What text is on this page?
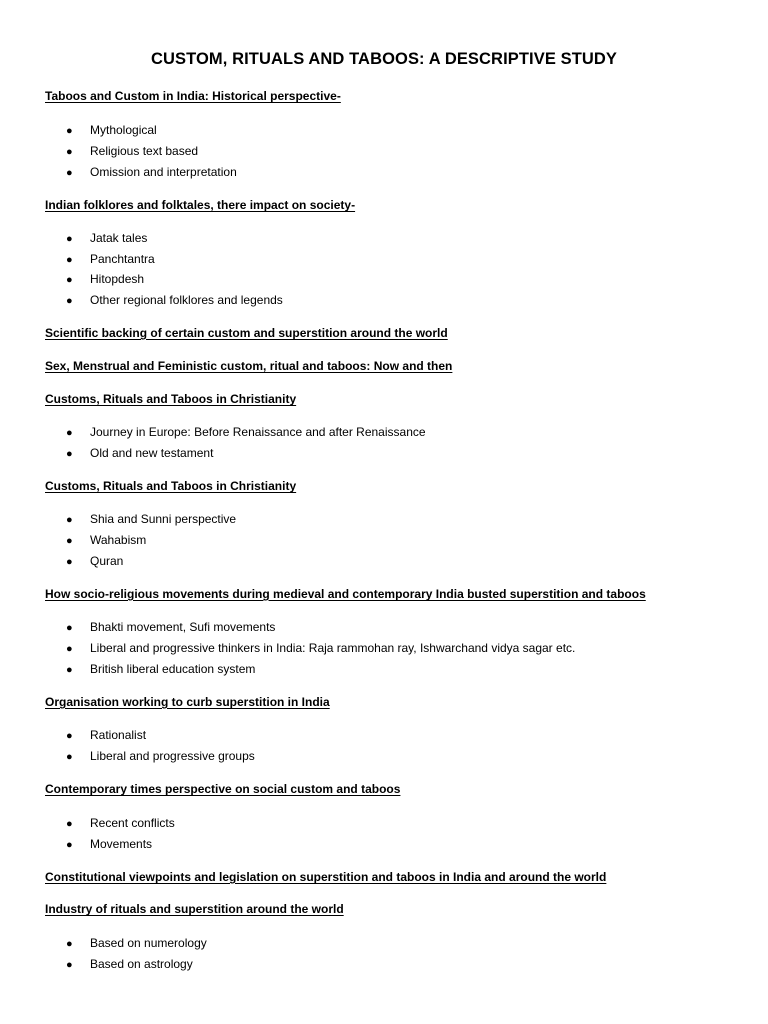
CUSTOM, RITUALS AND TABOOS: A DESCRIPTIVE STUDY

Taboos and Custom in India: Historical perspective-

● Mythological

● Religious text based

● Omission and interpretation

Indian folklores and folktales, there impact on society-

● Jatak tales

● Panchtantra

● Hitopdesh

● Other regional folklores and legends

Scientific backing of certain custom and superstition around the world

Sex, Menstrual and Feministic custom, ritual and taboos: Now and then

Customs, Rituals and Taboos in Christianity

● Journey in Europe: Before Renaissance and after Renaissance

● Old and new testament

Customs, Rituals and Taboos in Christianity

● Shia and Sunni perspective

● Wahabism

● Quran

How socio-religious movements during medieval and contemporary India busted superstition and taboos

● Bhakti movement, Sufi movements

● Liberal and progressive thinkers in India: Raja rammohan ray, Ishwarchand vidya sagar etc.

● British liberal education system

Organisation working to curb superstition in India

● Rationalist

● Liberal and progressive groups

Contemporary times perspective on social custom and taboos

● Recent conflicts

● Movements

Constitutional viewpoints and legislation on superstition and taboos in India and around the world

Industry of rituals and superstition around the world

● Based on numerology

● Based on astrology
